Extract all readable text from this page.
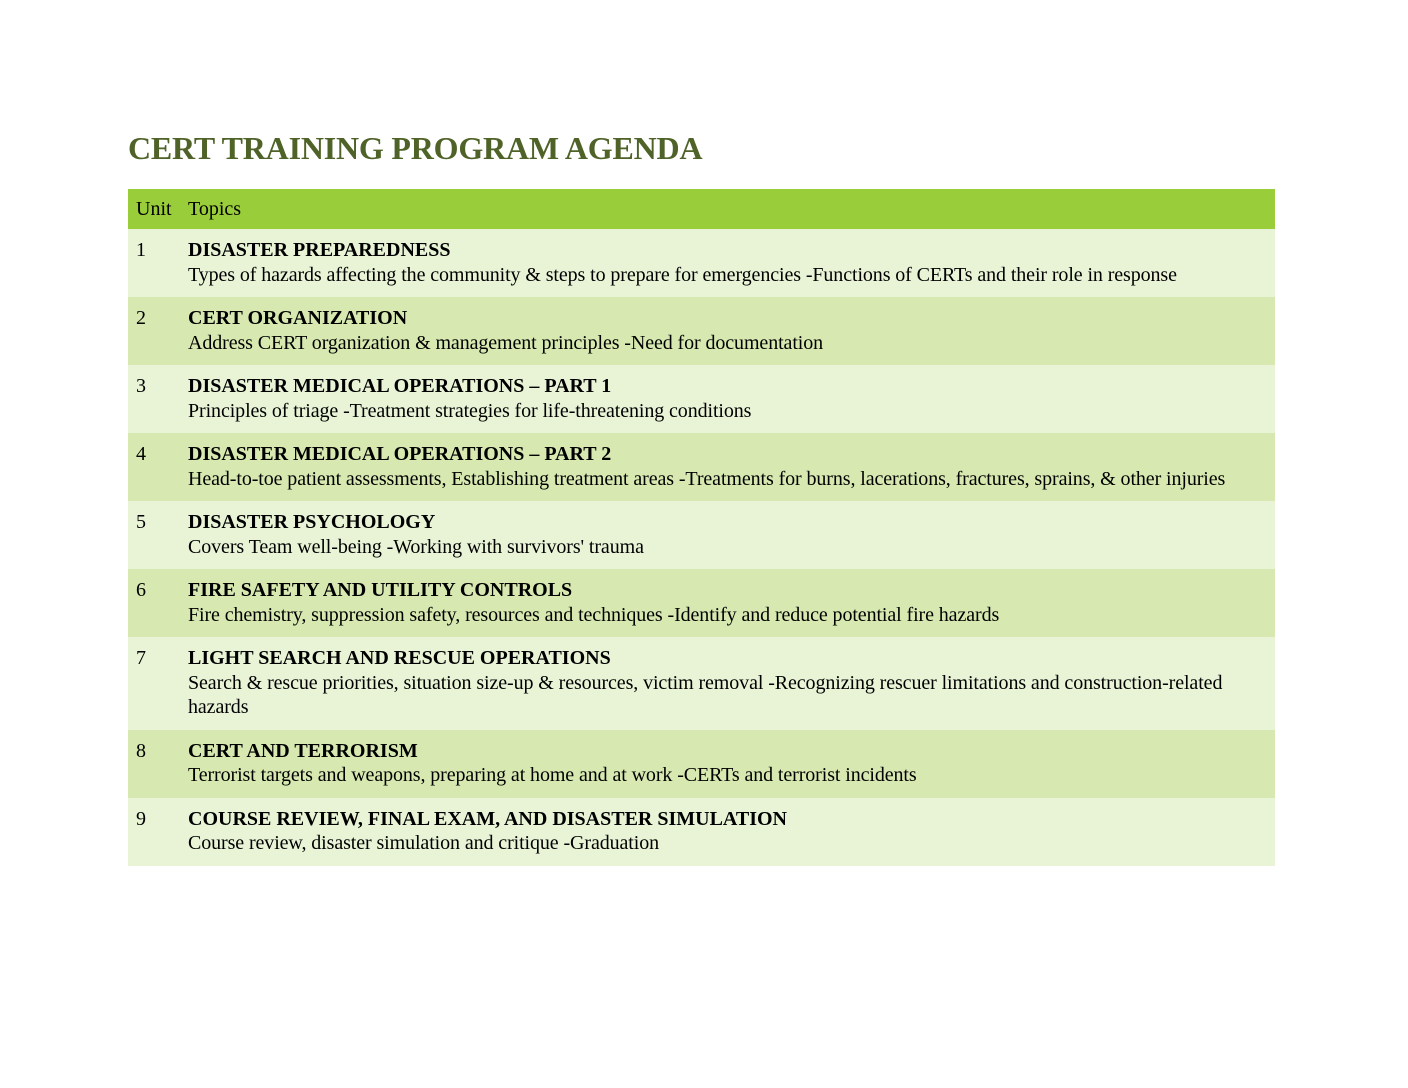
CERT TRAINING PROGRAM AGENDA
Unit	Topics
1	DISASTER PREPAREDNESS
Types of hazards affecting the community & steps to prepare for emergencies -Functions of CERTs and their role in response

2	CERT ORGANIZATION
Address CERT organization & management principles -Need for documentation

3	DISASTER MEDICAL OPERATIONS – PART 1
Principles of triage -Treatment strategies for life-threatening conditions

4	DISASTER MEDICAL OPERATIONS – PART 2
Head-to-toe patient assessments, Establishing treatment areas -Treatments for burns, lacerations, fractures, sprains, & other injuries

5	DISASTER PSYCHOLOGY
Covers Team well-being -Working with survivors' trauma

6	FIRE SAFETY AND UTILITY CONTROLS
Fire chemistry, suppression safety, resources and techniques -Identify and reduce potential fire hazards

7	LIGHT SEARCH AND RESCUE OPERATIONS
Search & rescue priorities, situation size-up & resources, victim removal -Recognizing rescuer limitations and construction-related hazards

8	CERT AND TERRORISM
Terrorist targets and weapons, preparing at home and at work -CERTs and terrorist incidents

9	COURSE REVIEW, FINAL EXAM, AND DISASTER SIMULATION
Course review, disaster simulation and critique -Graduation
